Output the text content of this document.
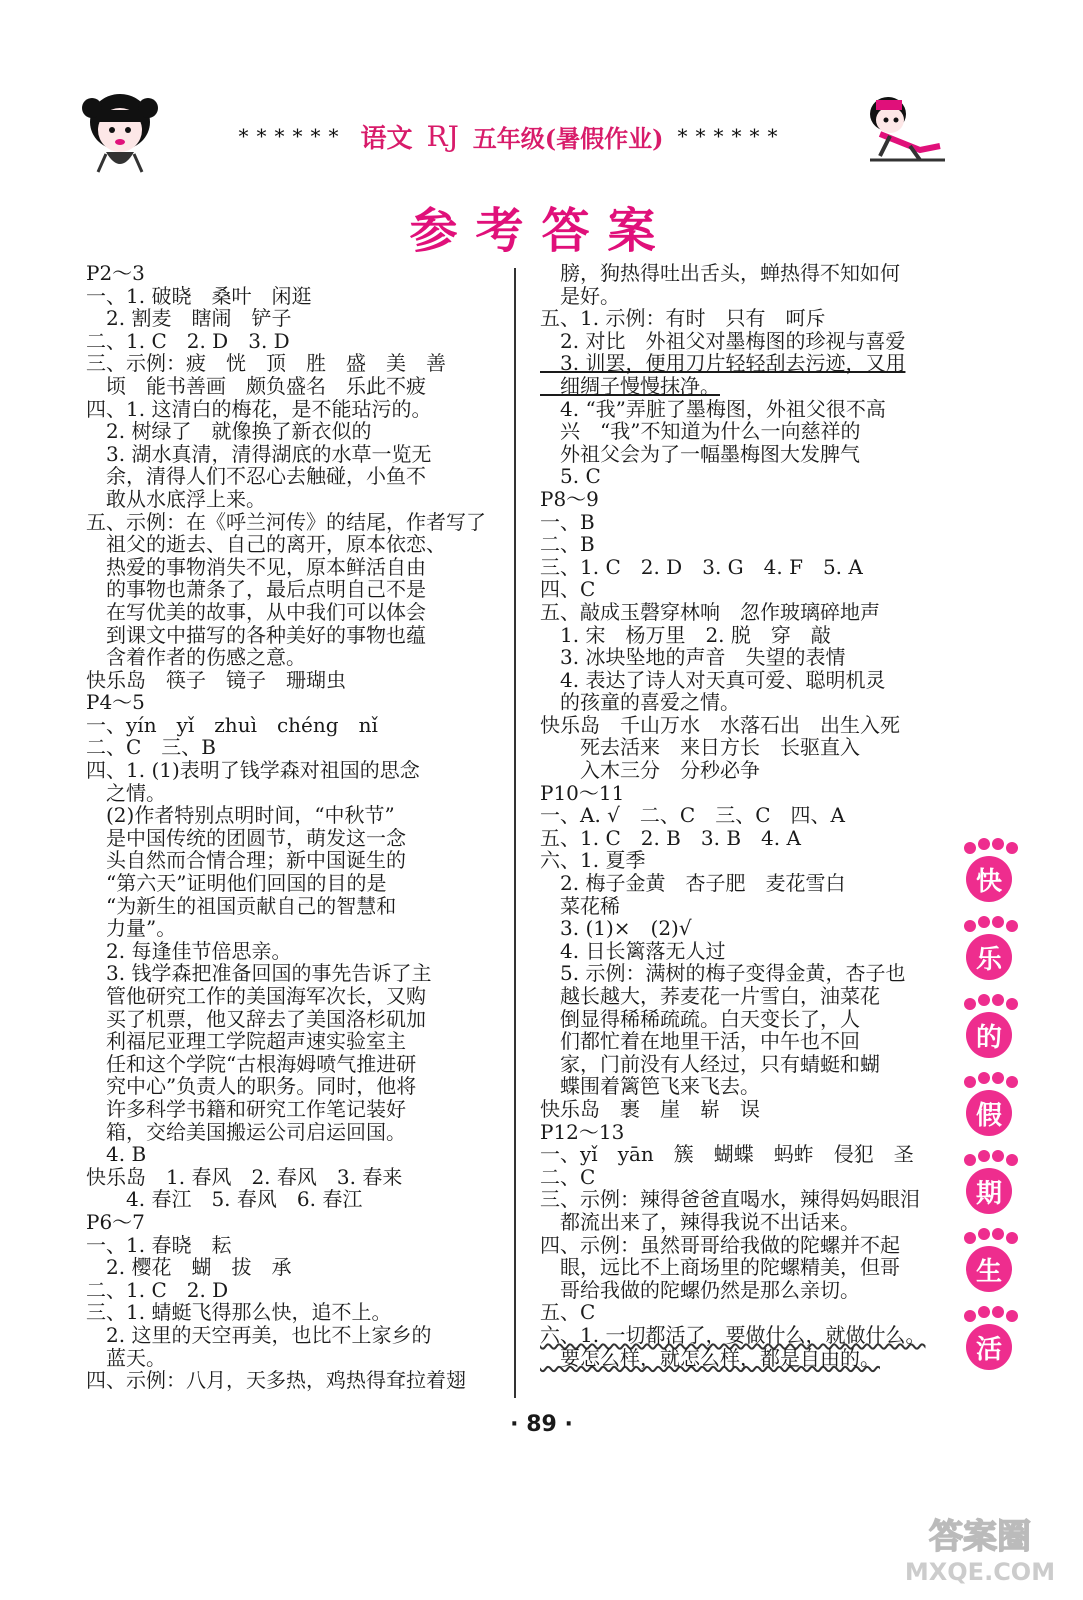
****** 语文 RJ 五年级(暑假作业) ******
参考答案
P2～3
一、1. 破晓　桑叶　闲逛
　2. 割麦　瞎闹　铲子
二、1. C　2. D　3. D
三、示例：疲　恍　顶　胜　盛　美　善
　顷　能书善画　颇负盛名　乐此不疲
四、1. 这清白的梅花，是不能玷污的。
　2. 树绿了　就像换了新衣似的
　3. 湖水真清，清得湖底的水草一览无
　余，清得人们不忍心去触碰，小鱼不
　敢从水底浮上来。
五、示例：在《呼兰河传》的结尾，作者写了
　祖父的逝去、自己的离开，原本依恋、
　热爱的事物消失不见，原本鲜活自由
　的事物也萧条了，最后点明自己不是
　在写优美的故事，从中我们可以体会
　到课文中描写的各种美好的事物也蕴
　含着作者的伤感之意。
快乐岛　筷子　镜子　珊瑚虫
P4～5
一、yín　yǐ　zhuì　chéng　nǐ
二、C　三、B
四、1. (1)表明了钱学森对祖国的思念
　之情。
　(2)作者特别点明时间，“中秋节”
　是中国传统的团圆节，萌发这一念
　头自然而合情合理；新中国诞生的
　“第六天”证明他们回国的目的是
　“为新生的祖国贡献自己的智慧和
　力量”。
　2. 每逢佳节倍思亲。
　3. 钱学森把准备回国的事先告诉了主
　管他研究工作的美国海军次长，又购
　买了机票，他又辞去了美国洛杉矶加
　利福尼亚理工学院超声速实验室主
　任和这个学院“古根海姆喷气推进研
　究中心”负责人的职务。同时，他将
　许多科学书籍和研究工作笔记装好
　箱，交给美国搬运公司启运回国。
　4. B
快乐岛　1. 春风　2. 春风　3. 春来
　　4. 春江　5. 春风　6. 春江
P6～7
一、1. 春晓　耘
　2. 樱花　蝴　拔　承
二、1. C　2. D
三、1. 蜻蜓飞得那么快，追不上。
　2. 这里的天空再美，也比不上家乡的
　蓝天。
四、示例：八月，天多热，鸡热得耷拉着翅
　膀，狗热得吐出舌头，蝉热得不知如何
　是好。
五、1. 示例：有时　只有　呵斥
　2. 对比　外祖父对墨梅图的珍视与喜爱
　3. 训罢，便用刀片轻轻刮去污迹，又用
　细绸子慢慢抹净。
　4. “我”弄脏了墨梅图，外祖父很不高
　兴　“我”不知道为什么一向慈祥的
　外祖父会为了一幅墨梅图大发脾气
　5. C
P8～9
一、B
二、B
三、1. C　2. D　3. G　4. F　5. A
四、C
五、敲成玉磬穿林响　忽作玻璃碎地声
　1. 宋　杨万里　2. 脱　穿　敲
　3. 冰块坠地的声音　失望的表情
　4. 表达了诗人对天真可爱、聪明机灵
　的孩童的喜爱之情。
快乐岛　千山万水　水落石出　出生入死
　　死去活来　来日方长　长驱直入
　　入木三分　分秒必争
P10～11
一、A. √　二、C　三、C　四、A
五、1. C　2. B　3. B　4. A
六、1. 夏季
　2. 梅子金黄　杏子肥　麦花雪白
　菜花稀
　3. (1)×　(2)√
　4. 日长篱落无人过
　5. 示例：满树的梅子变得金黄，杏子也
　越长越大，荞麦花一片雪白，油菜花
　倒显得稀稀疏疏。白天变长了，人
　们都忙着在地里干活，中午也不回
　家，门前没有人经过，只有蜻蜓和蝴
　蝶围着篱笆飞来飞去。
快乐岛　裹　崖　崭　误
P12～13
一、yǐ　yān　簇　蝴蝶　蚂蚱　侵犯　圣
二、C
三、示例：辣得爸爸直喝水，辣得妈妈眼泪
　都流出来了，辣得我说不出话来。
四、示例：虽然哥哥给我做的陀螺并不起
　眼，远比不上商场里的陀螺精美，但哥
　哥给我做的陀螺仍然是那么亲切。
五、C
六、1. 一切都活了，要做什么，就做什么。
　要怎么样，就怎么样，都是自由的。
快
乐
的
假
期
生
活
· 89 ·
答案圈
MXQE.COM
